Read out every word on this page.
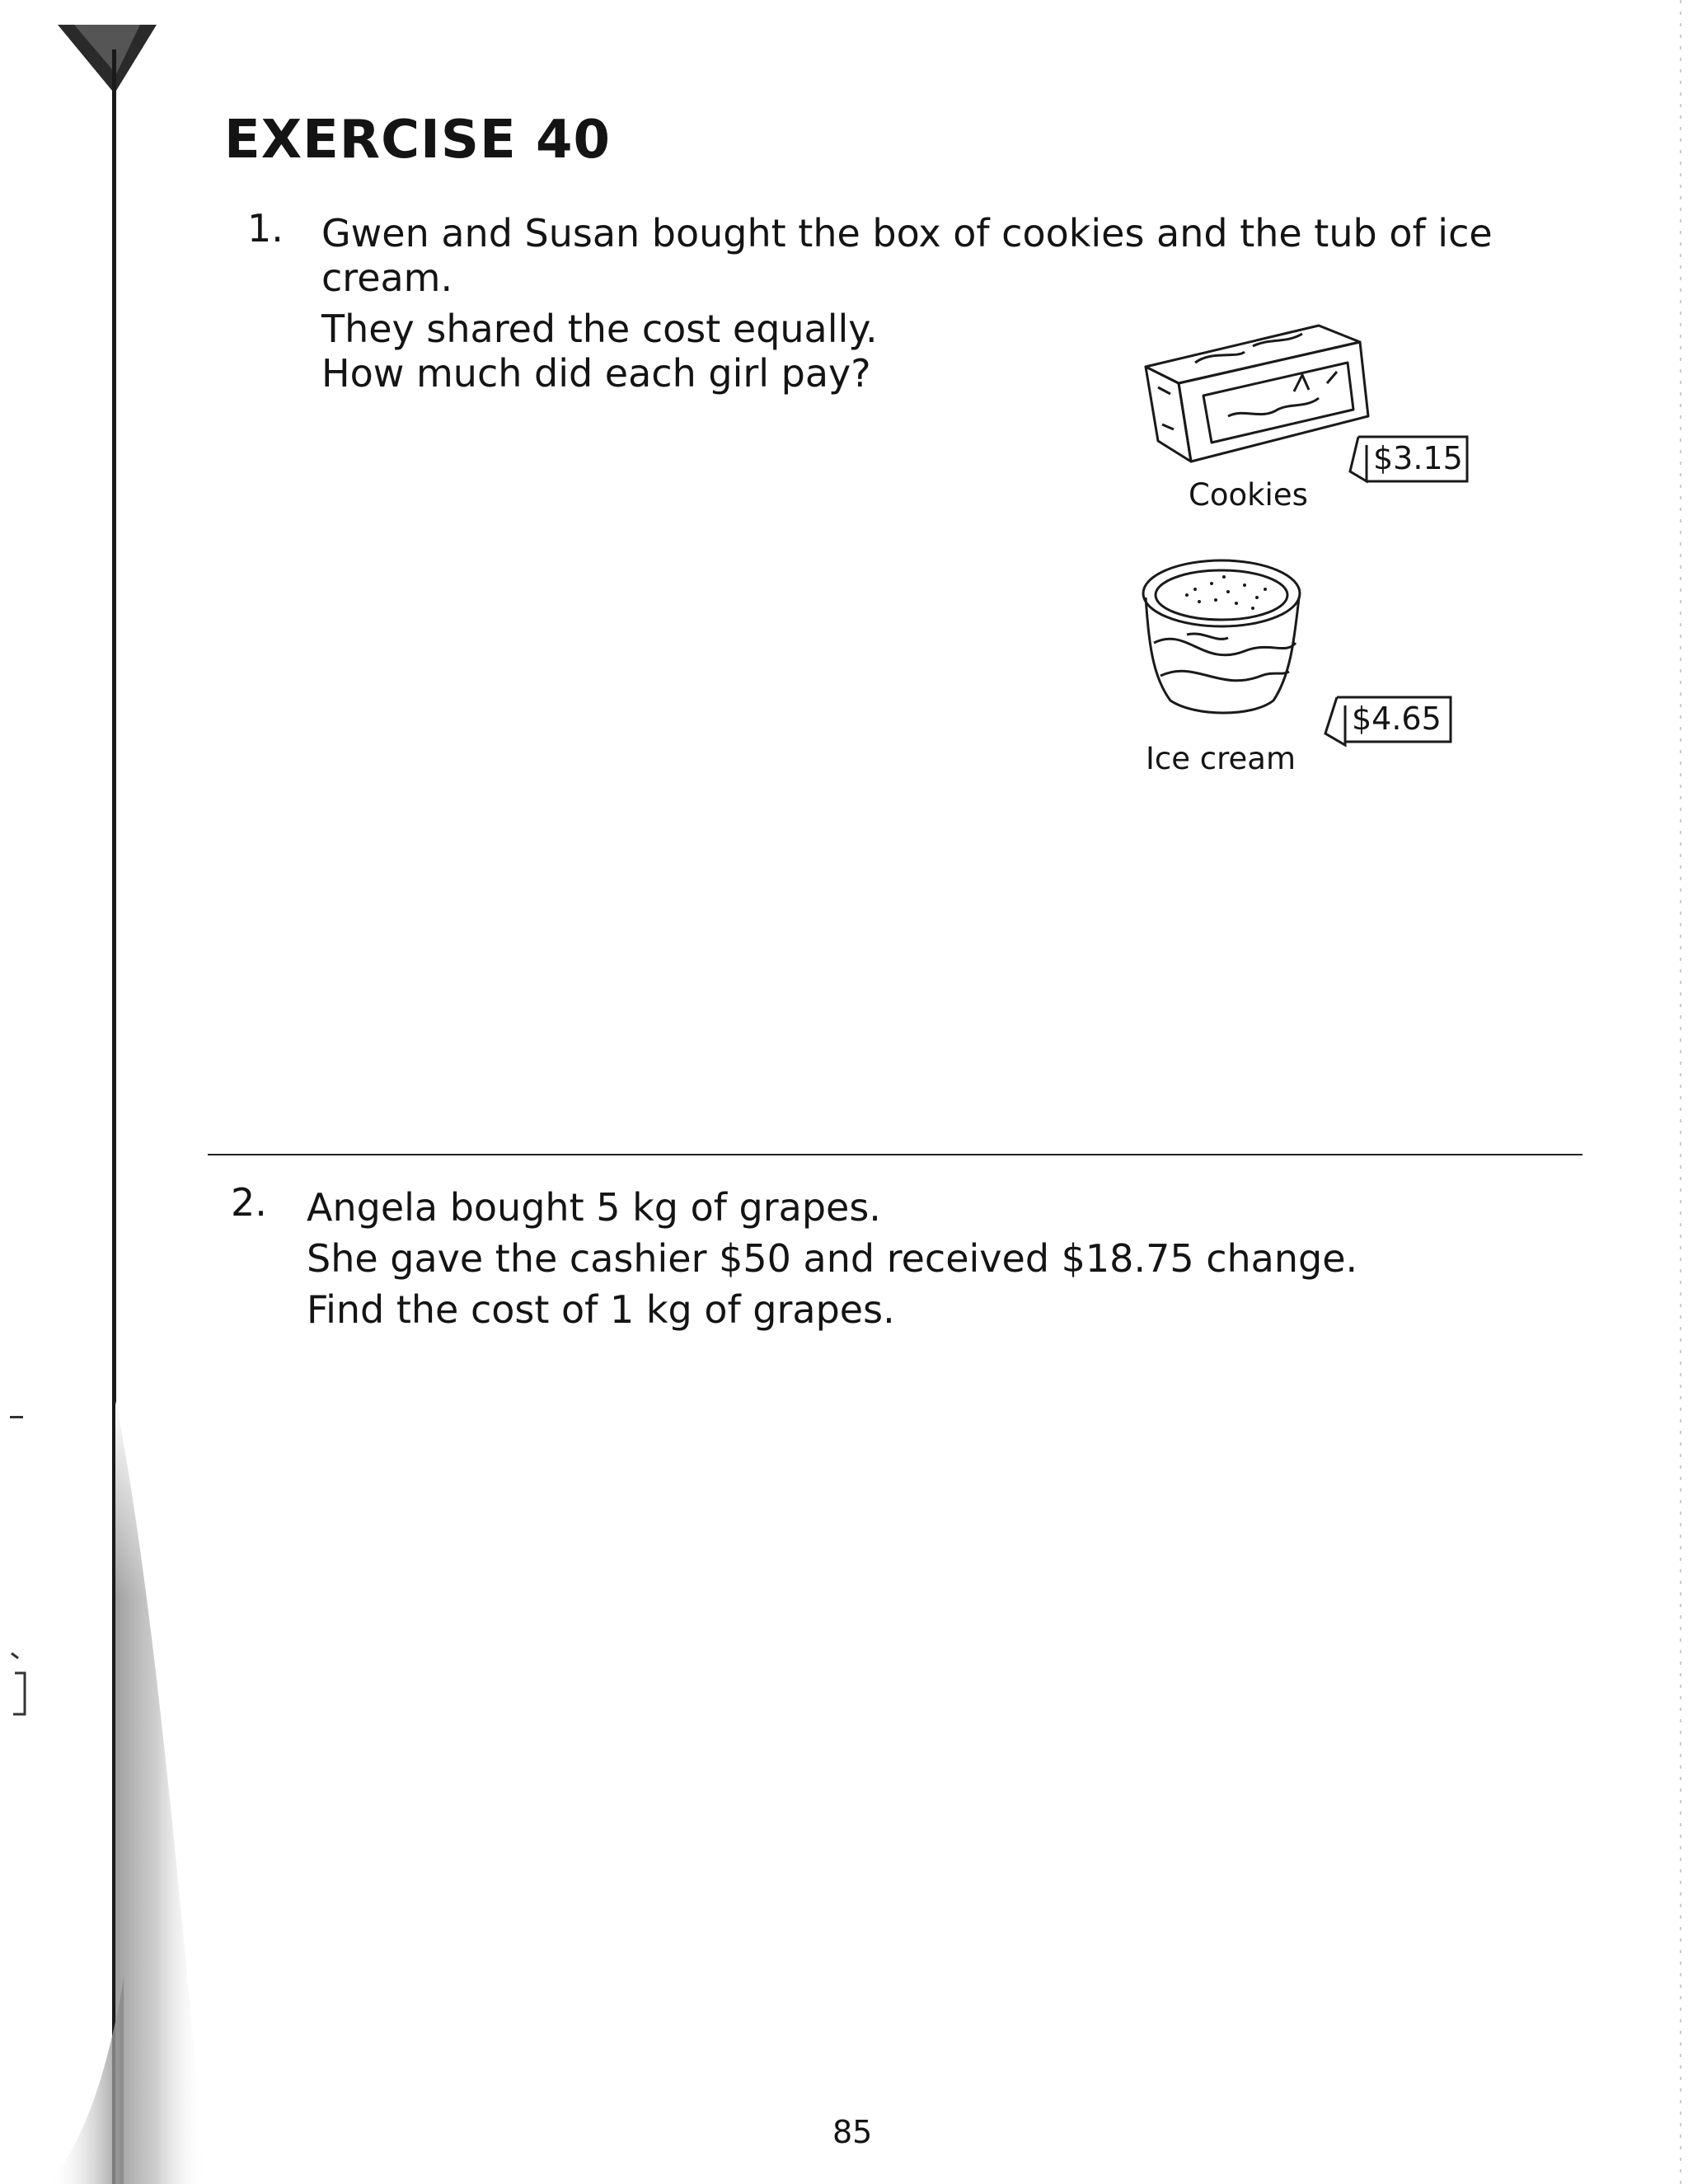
EXERCISE 40
1. Gwen and Susan bought the box of cookies and the tub of ice
cream.
They shared the cost equally.
How much did each girl pay?
$3.15
Cookies
$4.65
Ice cream
2. Angela bought 5 kg of grapes.
She gave the cashier $50 and received $18.75 change.
Find the cost of 1 kg of grapes.
85
